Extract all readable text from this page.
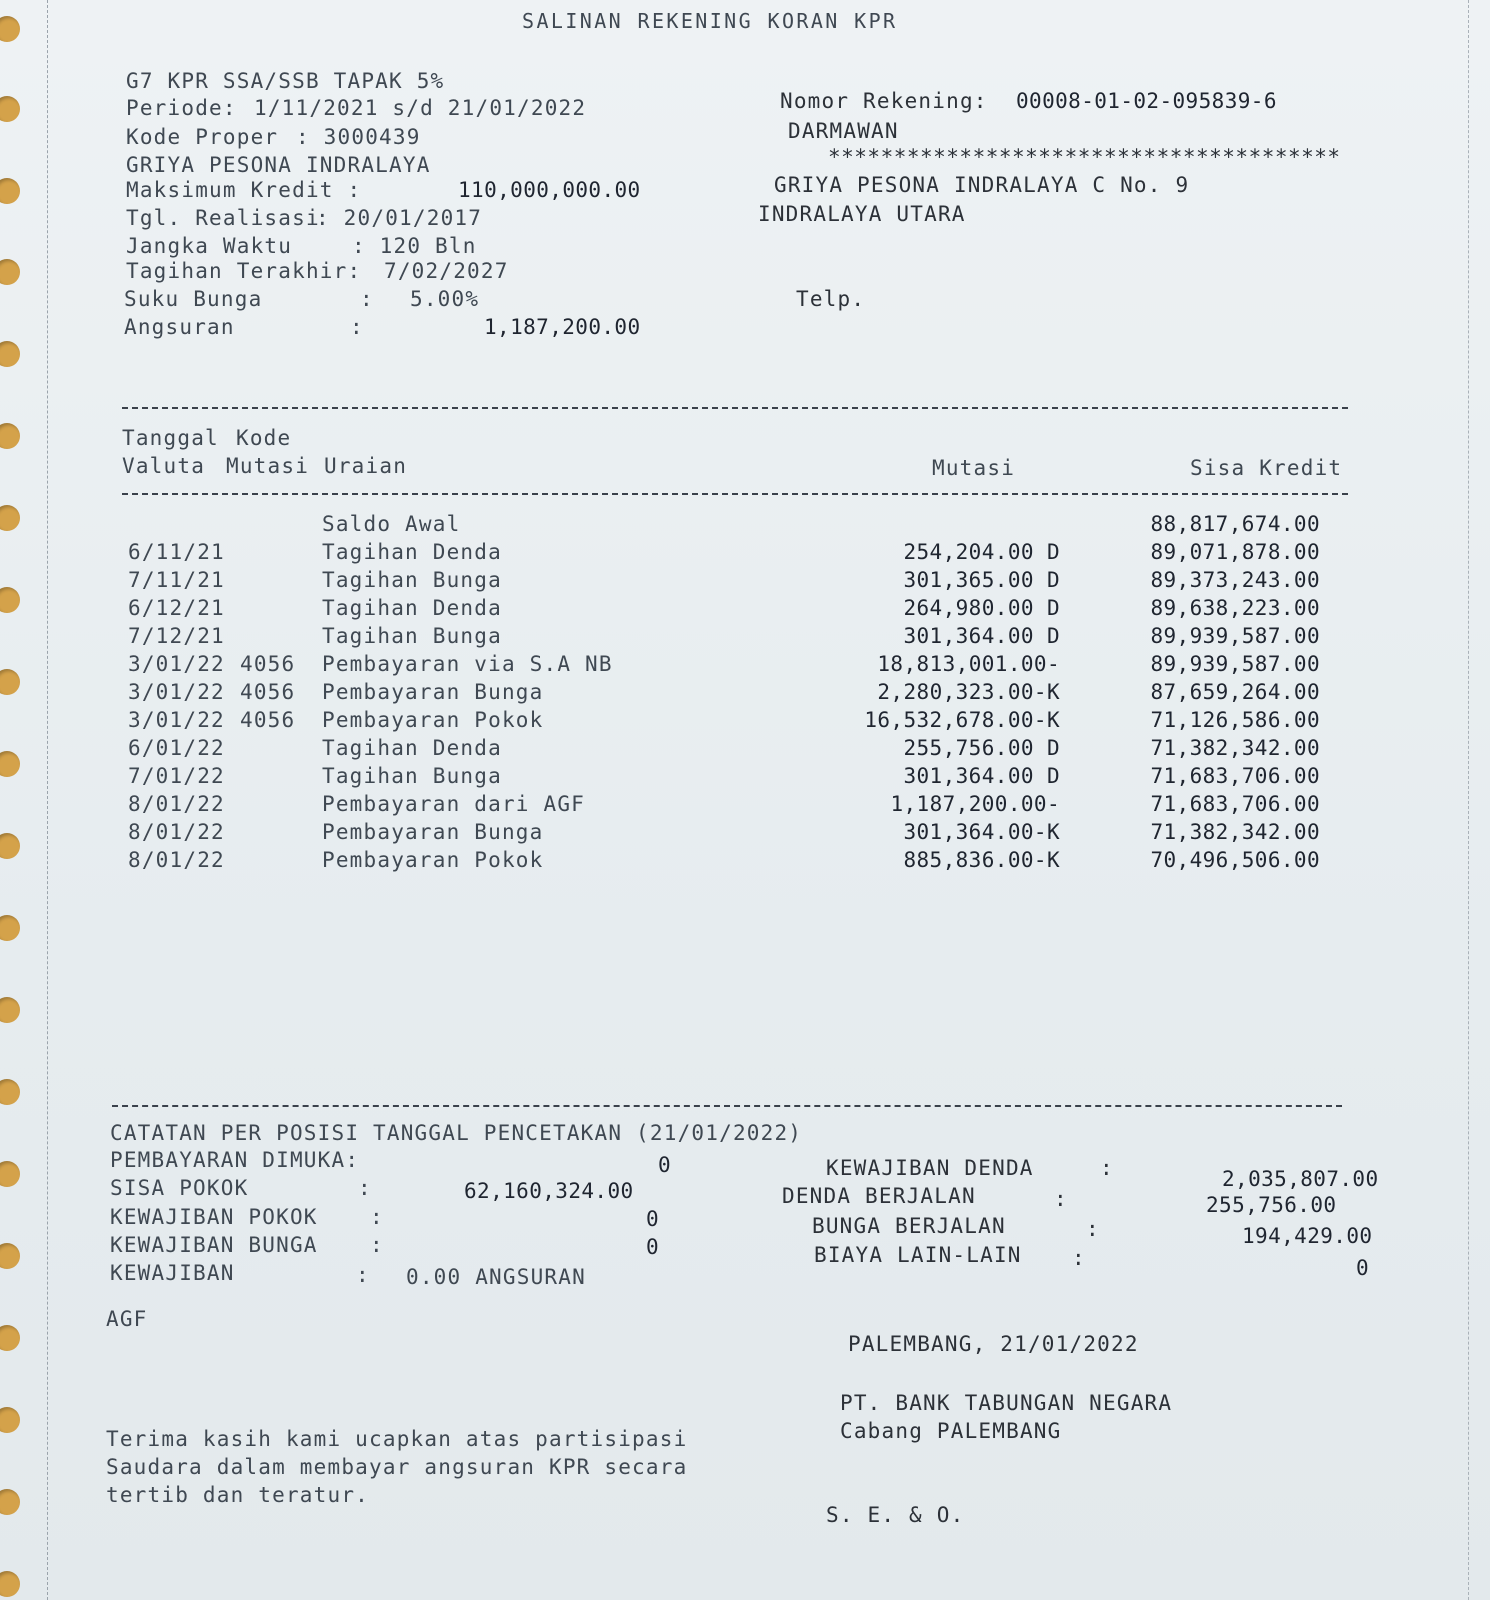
SALINAN REKENING KORAN KPR
G7 KPR SSA/SSB TAPAK 5%
Periode: 1/11/2021 s/d 21/01/2022
Kode Proper : 3000439
GRIYA PESONA INDRALAYA
Maksimum Kredit :	110,000,000.00
Tgl. Realisasi
: 20/01/2017
Jangka Waktu	: 120 Bln
Tagihan Terakhir: 7/02/2027
Suku Bunga	: 5.00%
Angsuran	:	1,187,200.00
Nomor Rekening: 00008-01-02-095839-6
DARMAWAN
***************************************
GRIYA PESONA INDRALAYA C No. 9
INDRALAYA UTARA
Telp.
Tanggal Kode
Valuta Mutasi Uraian	Mutasi	Sisa Kredit
Saldo Awal	88,817,674.00
6/11/21	Tagihan Denda	254,204.00 D	89,071,878.00
7/11/21	Tagihan Bunga	301,365.00 D	89,373,243.00
6/12/21	Tagihan Denda	264,980.00 D	89,638,223.00
7/12/21	Tagihan Bunga	301,364.00 D	89,939,587.00
3/01/22 4056 Pembayaran via S.A NB	18,813,001.00-	89,939,587.00
3/01/22 4056 Pembayaran Bunga	2,280,323.00-K	87,659,264.00
3/01/22 4056 Pembayaran Pokok	16,532,678.00-K	71,126,586.00
6/01/22	Tagihan Denda	255,756.00 D	71,382,342.00
7/01/22	Tagihan Bunga	301,364.00 D	71,683,706.00
8/01/22	Pembayaran dari AGF	1,187,200.00-	71,683,706.00
8/01/22	Pembayaran Bunga	301,364.00-K	71,382,342.00
8/01/22	Pembayaran Pokok	885,836.00-K	70,496,506.00
CATATAN PER POSISI TANGGAL PENCETAKAN (21/01/2022)
PEMBAYARAN DIMUKA:	0
SISA POKOK	:	62,160,324.00
KEWAJIBAN POKOK :	0
KEWAJIBAN BUNGA :	0
KEWAJIBAN	: 0.00 ANGSURAN
KEWAJIBAN DENDA	:	2,035,807.00
DENDA BERJALAN	:	255,756.00
BUNGA BERJALAN	:	194,429.00
BIAYA LAIN-LAIN :	0
AGF
PALEMBANG, 21/01/2022
PT. BANK TABUNGAN NEGARA
Cabang PALEMBANG
Terima kasih kami ucapkan atas partisipasi
Saudara dalam membayar angsuran KPR secara
tertib dan teratur.
S. E. & O.
